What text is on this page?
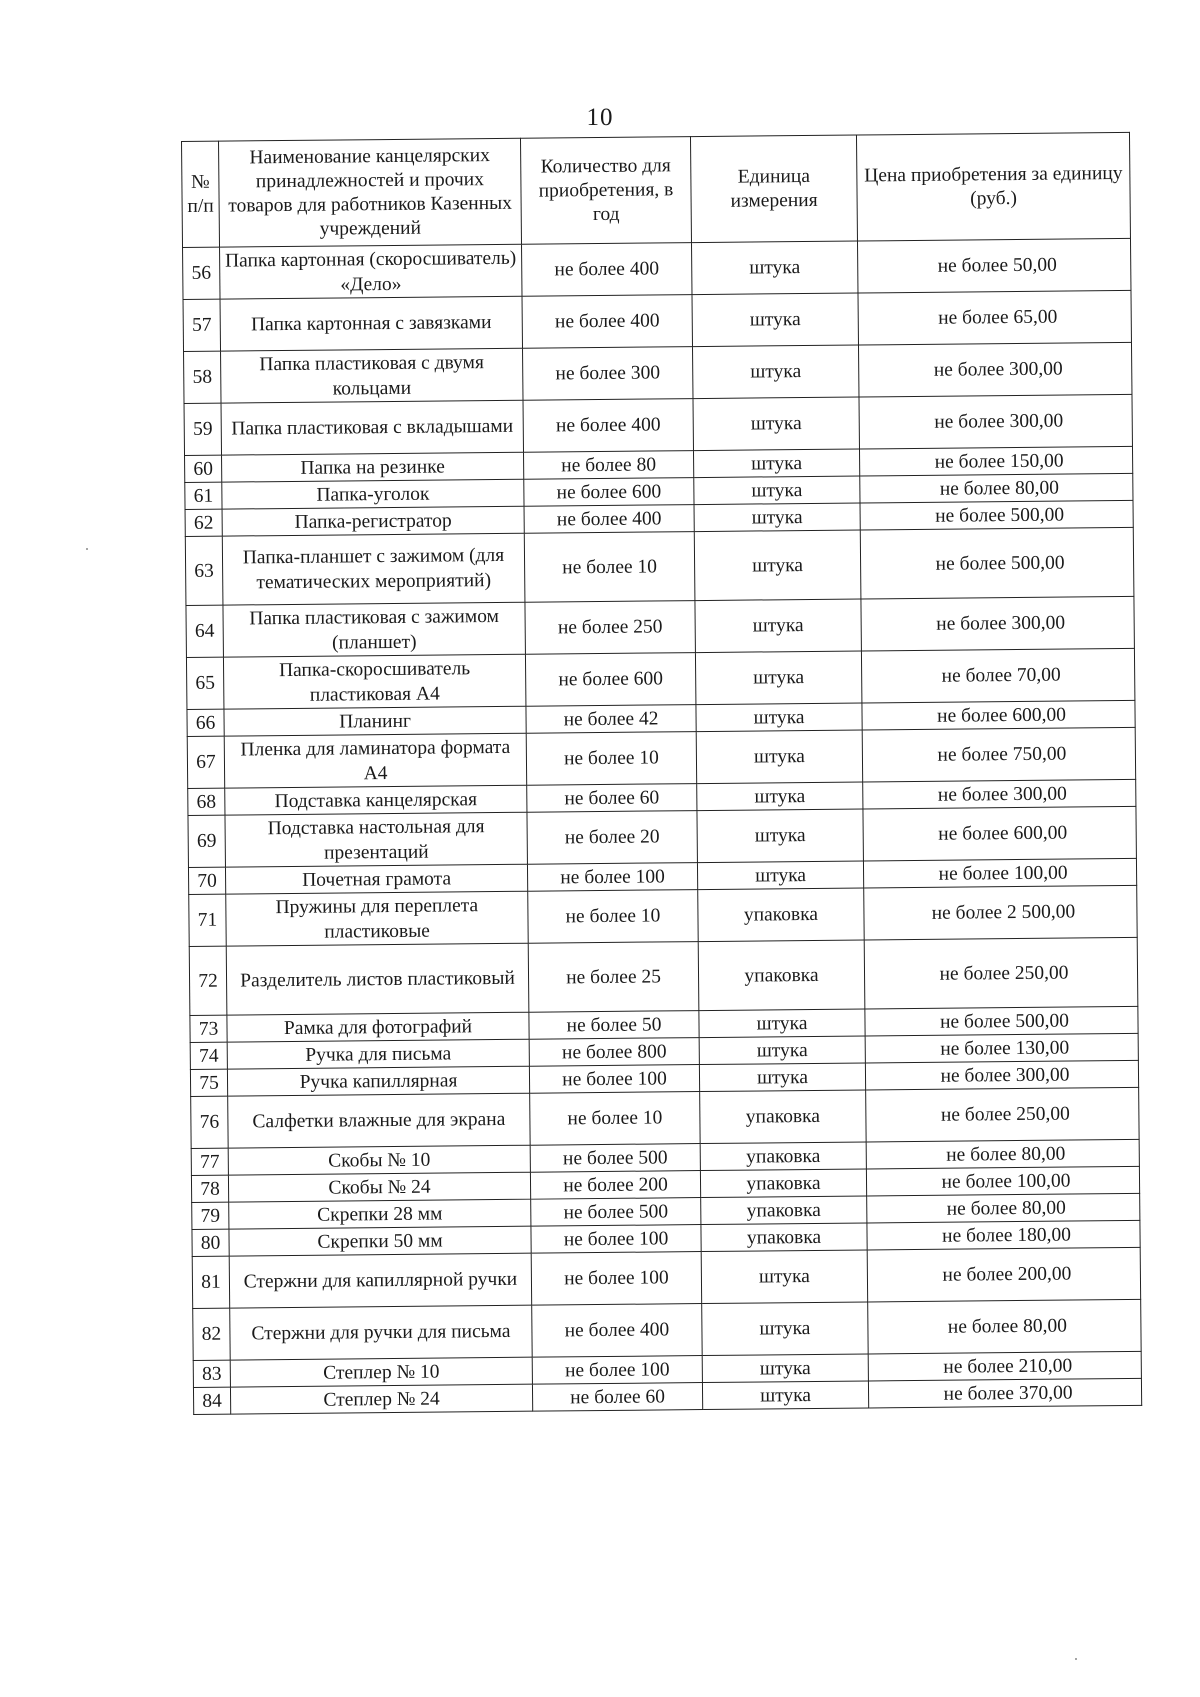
10
№
п/п	Наименование канцелярских принадлежностей и прочих товаров для работников Казенных учреждений	Количество для приобретения, в год	Единица измерения	Цена приобретения за единицу (руб.)
56	Папка картонная (скоросшиватель) «Дело»	не более 400	штука	не более 50,00
57	Папка картонная с завязками	не более 400	штука	не более 65,00
58	Папка пластиковая с двумя кольцами	не более 300	штука	не более 300,00
59	Папка пластиковая с вкладышами	не более 400	штука	не более 300,00
60	Папка на резинке	не более 80	штука	не более 150,00
61	Папка-уголок	не более 600	штука	не более 80,00
62	Папка-регистратор	не более 400	штука	не более 500,00
63	Папка-планшет с зажимом (для тематических мероприятий)	не более 10	штука	не более 500,00
64	Папка пластиковая с зажимом (планшет)	не более 250	штука	не более 300,00
65	Папка-скоросшиватель пластиковая А4	не более 600	штука	не более 70,00
66	Планинг	не более 42	штука	не более 600,00
67	Пленка для ламинатора формата А4	не более 10	штука	не более 750,00
68	Подставка канцелярская	не более 60	штука	не более 300,00
69	Подставка настольная для презентаций	не более 20	штука	не более 600,00
70	Почетная грамота	не более 100	штука	не более 100,00
71	Пружины для переплета пластиковые	не более 10	упаковка	не более 2 500,00
72	Разделитель листов пластиковый	не более 25	упаковка	не более 250,00
73	Рамка для фотографий	не более 50	штука	не более 500,00
74	Ручка для письма	не более 800	штука	не более 130,00
75	Ручка капиллярная	не более 100	штука	не более 300,00
76	Салфетки влажные для экрана	не более 10	упаковка	не более 250,00
77	Скобы № 10	не более 500	упаковка	не более 80,00
78	Скобы № 24	не более 200	упаковка	не более 100,00
79	Скрепки 28 мм	не более 500	упаковка	не более 80,00
80	Скрепки 50 мм	не более 100	упаковка	не более 180,00
81	Стержни для капиллярной ручки	не более 100	штука	не более 200,00
82	Стержни для ручки для письма	не более 400	штука	не более 80,00
83	Степлер № 10	не более 100	штука	не более 210,00
84	Степлер № 24	не более 60	штука	не более 370,00
